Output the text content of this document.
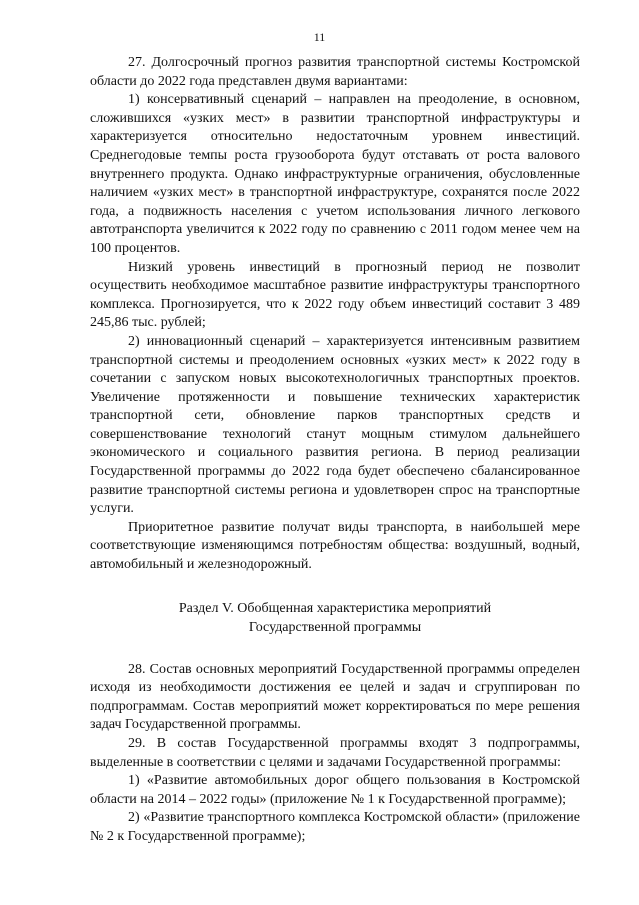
11

27. Долгосрочный прогноз развития транспортной системы Костромской области до 2022 года представлен двумя вариантами:

1) консервативный сценарий – направлен на преодоление, в основном, сложившихся «узких мест» в развитии транспортной инфраструктуры и характеризуется относительно недостаточным уровнем инвестиций. Среднегодовые темпы роста грузооборота будут отставать от роста валового внутреннего продукта. Однако инфраструктурные ограничения, обусловленные наличием «узких мест» в транспортной инфраструктуре, сохранятся после 2022 года, а подвижность населения с учетом использования личного легкового автотранспорта увеличится к 2022 году по сравнению с 2011 годом менее чем на 100 процентов.

Низкий уровень инвестиций в прогнозный период не позволит осуществить необходимое масштабное развитие инфраструктуры транспортного комплекса. Прогнозируется, что к 2022 году объем инвестиций составит 3 489 245,86 тыс. рублей;

2) инновационный сценарий – характеризуется интенсивным развитием транспортной системы и преодолением основных «узких мест» к 2022 году в сочетании с запуском новых высокотехнологичных транспортных проектов. Увеличение протяженности и повышение технических характеристик транспортной сети, обновление парков транспортных средств и совершенствование технологий станут мощным стимулом дальнейшего экономического и социального развития региона. В период реализации Государственной программы до 2022 года будет обеспечено сбалансированное развитие транспортной системы региона и удовлетворен спрос на транспортные услуги.

Приоритетное развитие получат виды транспорта, в наибольшей мере соответствующие изменяющимся потребностям общества: воздушный, водный, автомобильный и железнодорожный.

Раздел V. Обобщенная характеристика мероприятий
Государственной программы

28. Состав основных мероприятий Государственной программы определен исходя из необходимости достижения ее целей и задач и сгруппирован по подпрограммам. Состав мероприятий может корректироваться по мере решения задач Государственной программы.

29. В состав Государственной программы входят 3 подпрограммы, выделенные в соответствии с целями и задачами Государственной программы:

1) «Развитие автомобильных дорог общего пользования в Костромской области на 2014 – 2022 годы» (приложение № 1 к Государственной программе);

2) «Развитие транспортного комплекса Костромской области» (приложение № 2 к Государственной программе);
